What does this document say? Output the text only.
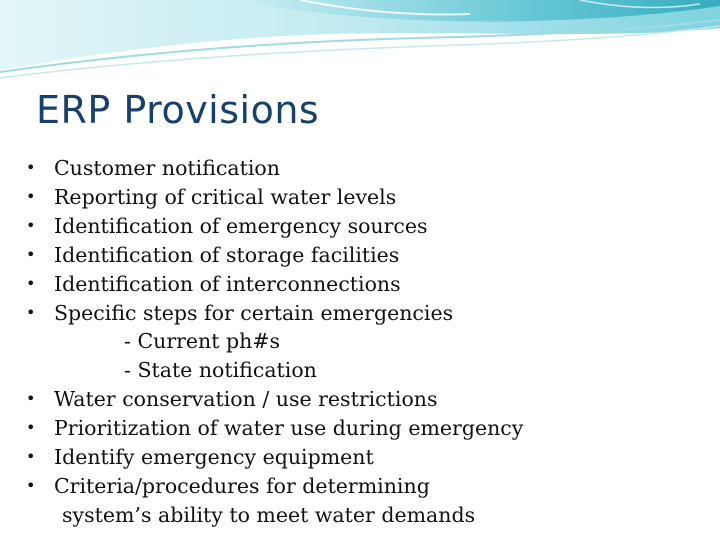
ERP Provisions
• Customer notification
• Reporting of critical water levels
• Identification of emergency sources
• Identification of storage facilities
• Identification of interconnections
• Specific steps for certain emergencies
- Current ph#s
- State notification
• Water conservation / use restrictions
• Prioritization of water use during emergency
• Identify emergency equipment
• Criteria/procedures for determining
system’s ability to meet water demands
